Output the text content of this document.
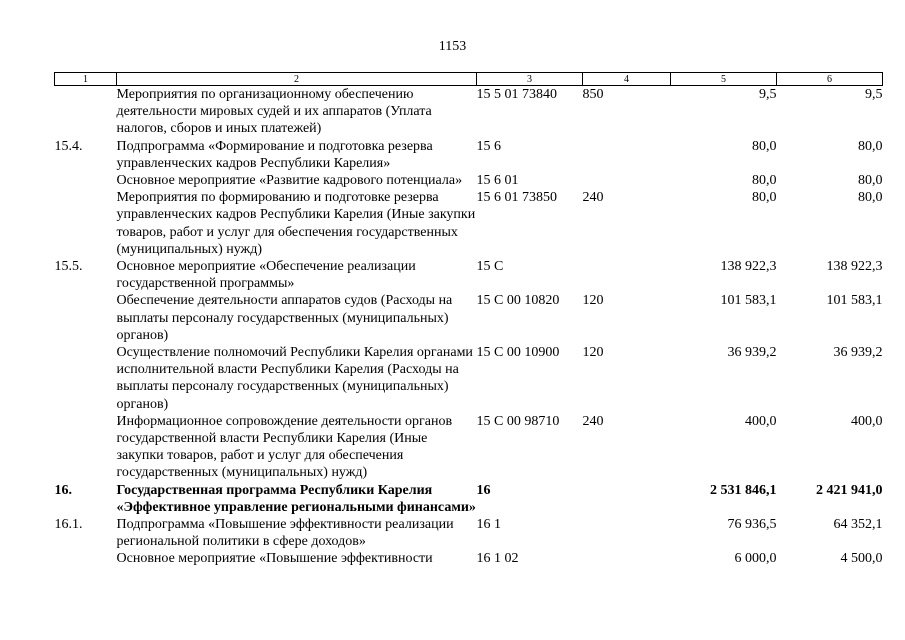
1153
1	2	3	4	5	6
	Мероприятия по организационному обеспечению деятельности мировых судей и их аппаратов (Уплата налогов, сборов и иных платежей)	15 5 01 73840	850	9,5	9,5
15.4.	Подпрограмма «Формирование и подготовка резерва управленческих кадров Республики Карелия»	15 6		80,0	80,0
	Основное мероприятие «Развитие кадрового потенциала»	15 6 01		80,0	80,0
	Мероприятия по формированию и подготовке резерва управленческих кадров Республики Карелия (Иные закупки товаров, работ и услуг для обеспечения государственных (муниципальных) нужд)	15 6 01 73850	240	80,0	80,0
15.5.	Основное мероприятие «Обеспечение реализации государственной программы»	15 С		138 922,3	138 922,3
	Обеспечение деятельности аппаратов судов (Расходы на выплаты персоналу государственных (муниципальных) органов)	15 С 00 10820	120	101 583,1	101 583,1
	Осуществление полномочий Республики Карелия органами исполнительной власти Республики Карелия (Расходы на выплаты персоналу государственных (муниципальных) органов)	15 С 00 10900	120	36 939,2	36 939,2
	Информационное сопровождение деятельности органов государственной власти Республики Карелия (Иные закупки товаров, работ и услуг для обеспечения государственных (муниципальных) нужд)	15 С 00 98710	240	400,0	400,0
16.	Государственная программа Республики Карелия «Эффективное управление региональными финансами»	16		2 531 846,1	2 421 941,0
16.1.	Подпрограмма «Повышение эффективности реализации региональной политики в сфере доходов»	16 1		76 936,5	64 352,1
	Основное мероприятие «Повышение эффективности	16 1 02		6 000,0	4 500,0
